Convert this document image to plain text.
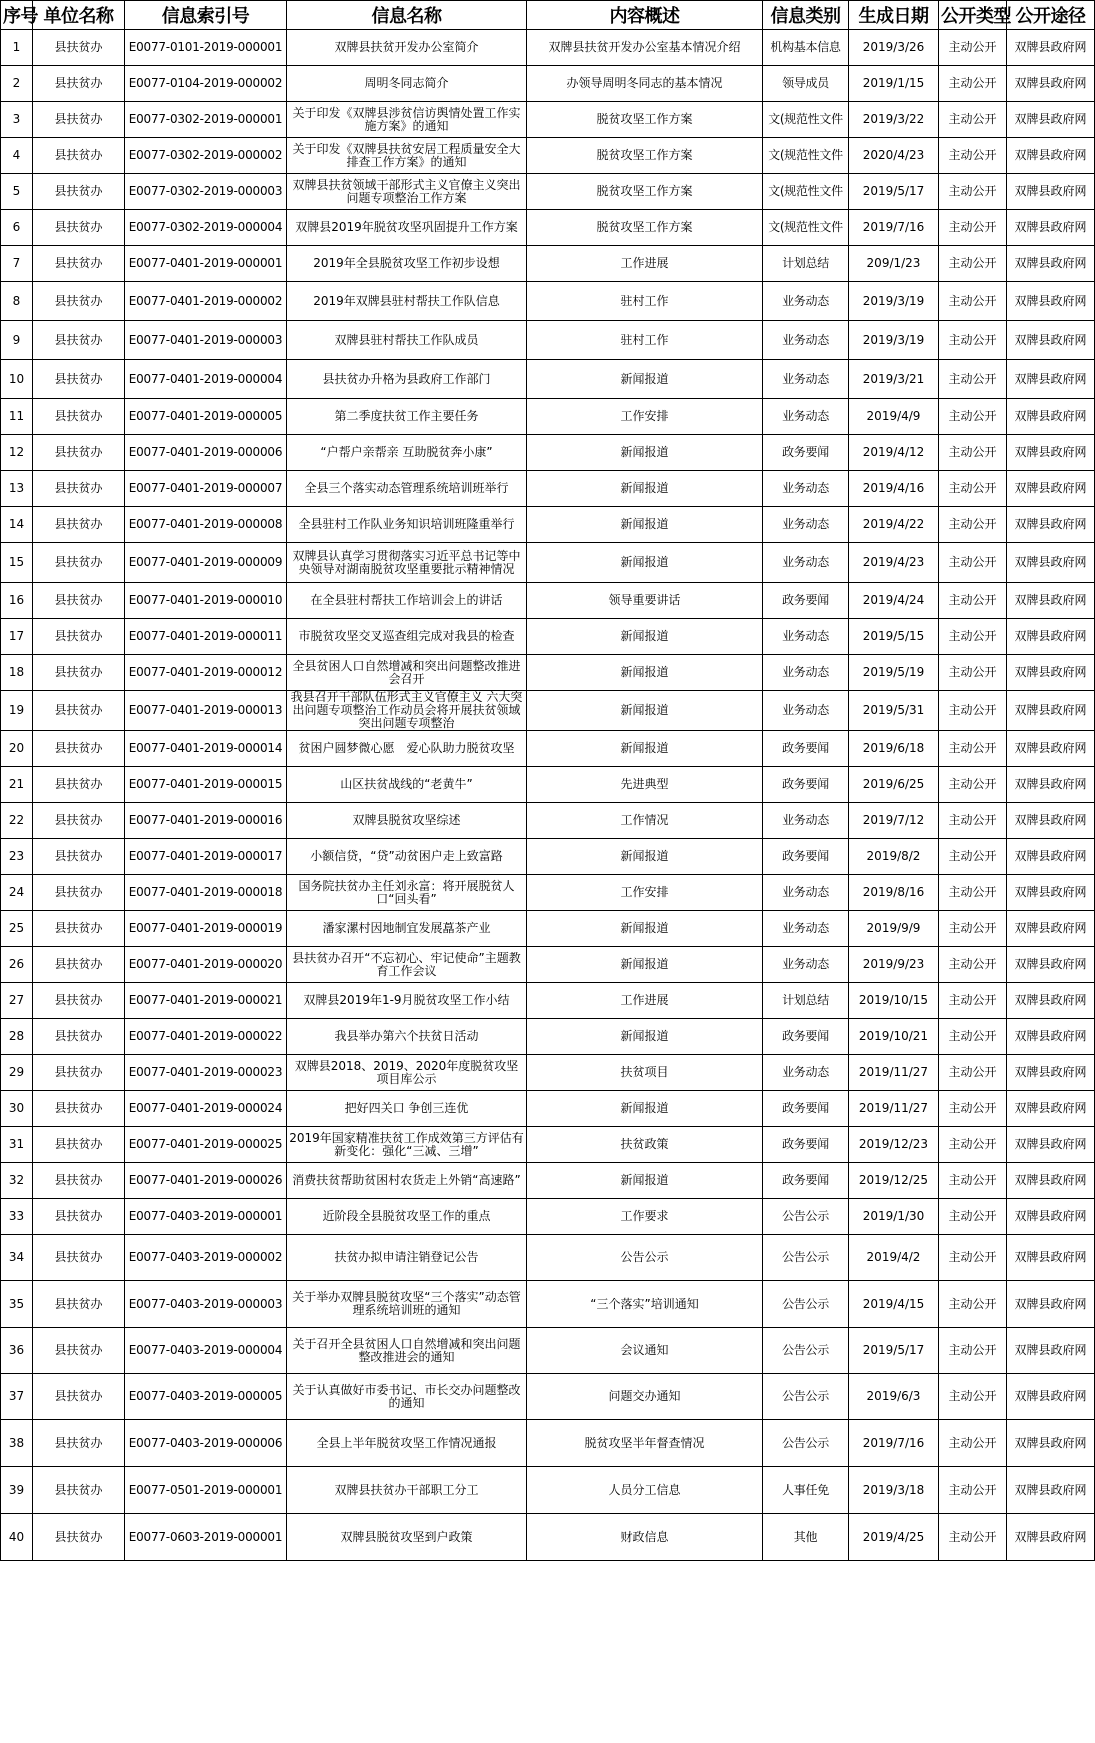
序号	单位名称	信息索引号	信息名称	内容概述	信息类别	生成日期	公开类型	公开途径
1	县扶贫办	E0077-0101-2019-000001	双牌县扶贫开发办公室简介	双牌县扶贫开发办公室基本情况介绍	机构基本信息	2019/3/26	主动公开	双牌县政府网
2	县扶贫办	E0077-0104-2019-000002	周明冬同志简介	办领导周明冬同志的基本情况	领导成员	2019/1/15	主动公开	双牌县政府网
3	县扶贫办	E0077-0302-2019-000001	关于印发《双牌县涉贫信访舆情处置工作实施方案》的通知	脱贫攻坚工作方案	文(规范性文件	2019/3/22	主动公开	双牌县政府网
4	县扶贫办	E0077-0302-2019-000002	关于印发《双牌县扶贫安居工程质量安全大排查工作方案》的通知	脱贫攻坚工作方案	文(规范性文件	2020/4/23	主动公开	双牌县政府网
5	县扶贫办	E0077-0302-2019-000003	双牌县扶贫领域干部形式主义官僚主义突出问题专项整治工作方案	脱贫攻坚工作方案	文(规范性文件	2019/5/17	主动公开	双牌县政府网
6	县扶贫办	E0077-0302-2019-000004	双牌县2019年脱贫攻坚巩固提升工作方案	脱贫攻坚工作方案	文(规范性文件	2019/7/16	主动公开	双牌县政府网
7	县扶贫办	E0077-0401-2019-000001	2019年全县脱贫攻坚工作初步设想	工作进展	计划总结	209/1/23	主动公开	双牌县政府网
8	县扶贫办	E0077-0401-2019-000002	2019年双牌县驻村帮扶工作队信息	驻村工作	业务动态	2019/3/19	主动公开	双牌县政府网
9	县扶贫办	E0077-0401-2019-000003	双牌县驻村帮扶工作队成员	驻村工作	业务动态	2019/3/19	主动公开	双牌县政府网
10	县扶贫办	E0077-0401-2019-000004	县扶贫办升格为县政府工作部门	新闻报道	业务动态	2019/3/21	主动公开	双牌县政府网
11	县扶贫办	E0077-0401-2019-000005	第二季度扶贫工作主要任务	工作安排	业务动态	2019/4/9	主动公开	双牌县政府网
12	县扶贫办	E0077-0401-2019-000006	“户帮户亲帮亲 互助脱贫奔小康”	新闻报道	政务要闻	2019/4/12	主动公开	双牌县政府网
13	县扶贫办	E0077-0401-2019-000007	全县三个落实动态管理系统培训班举行	新闻报道	业务动态	2019/4/16	主动公开	双牌县政府网
14	县扶贫办	E0077-0401-2019-000008	全县驻村工作队业务知识培训班隆重举行	新闻报道	业务动态	2019/4/22	主动公开	双牌县政府网
15	县扶贫办	E0077-0401-2019-000009	双牌县认真学习贯彻落实习近平总书记等中央领导对湖南脱贫攻坚重要批示精神情况	新闻报道	业务动态	2019/4/23	主动公开	双牌县政府网
16	县扶贫办	E0077-0401-2019-000010	在全县驻村帮扶工作培训会上的讲话	领导重要讲话	政务要闻	2019/4/24	主动公开	双牌县政府网
17	县扶贫办	E0077-0401-2019-000011	市脱贫攻坚交叉巡查组完成对我县的检查	新闻报道	业务动态	2019/5/15	主动公开	双牌县政府网
18	县扶贫办	E0077-0401-2019-000012	全县贫困人口自然增减和突出问题整改推进会召开	新闻报道	业务动态	2019/5/19	主动公开	双牌县政府网
19	县扶贫办	E0077-0401-2019-000013	我县召开干部队伍形式主义官僚主义 六大突出问题专项整治工作动员会将开展扶贫领域突出问题专项整治	新闻报道	业务动态	2019/5/31	主动公开	双牌县政府网
20	县扶贫办	E0077-0401-2019-000014	贫困户圆梦微心愿　爱心队助力脱贫攻坚	新闻报道	政务要闻	2019/6/18	主动公开	双牌县政府网
21	县扶贫办	E0077-0401-2019-000015	山区扶贫战线的“老黄牛”	先进典型	政务要闻	2019/6/25	主动公开	双牌县政府网
22	县扶贫办	E0077-0401-2019-000016	双牌县脱贫攻坚综述	工作情况	业务动态	2019/7/12	主动公开	双牌县政府网
23	县扶贫办	E0077-0401-2019-000017	小额信贷，“贷”动贫困户走上致富路	新闻报道	政务要闻	2019/8/2	主动公开	双牌县政府网
24	县扶贫办	E0077-0401-2019-000018	国务院扶贫办主任刘永富：将开展脱贫人口“回头看”	工作安排	业务动态	2019/8/16	主动公开	双牌县政府网
25	县扶贫办	E0077-0401-2019-000019	潘家漯村因地制宜发展藠茶产业	新闻报道	业务动态	2019/9/9	主动公开	双牌县政府网
26	县扶贫办	E0077-0401-2019-000020	县扶贫办召开“不忘初心、牢记使命”主题教育工作会议	新闻报道	业务动态	2019/9/23	主动公开	双牌县政府网
27	县扶贫办	E0077-0401-2019-000021	双牌县2019年1-9月脱贫攻坚工作小结	工作进展	计划总结	2019/10/15	主动公开	双牌县政府网
28	县扶贫办	E0077-0401-2019-000022	我县举办第六个扶贫日活动	新闻报道	政务要闻	2019/10/21	主动公开	双牌县政府网
29	县扶贫办	E0077-0401-2019-000023	双牌县2018、2019、2020年度脱贫攻坚项目库公示	扶贫项目	业务动态	2019/11/27	主动公开	双牌县政府网
30	县扶贫办	E0077-0401-2019-000024	把好四关口 争创三连优	新闻报道	政务要闻	2019/11/27	主动公开	双牌县政府网
31	县扶贫办	E0077-0401-2019-000025	2019年国家精准扶贫工作成效第三方评估有新变化：强化“三减、三增”	扶贫政策	政务要闻	2019/12/23	主动公开	双牌县政府网
32	县扶贫办	E0077-0401-2019-000026	消费扶贫帮助贫困村农货走上外销“高速路”	新闻报道	政务要闻	2019/12/25	主动公开	双牌县政府网
33	县扶贫办	E0077-0403-2019-000001	近阶段全县脱贫攻坚工作的重点	工作要求	公告公示	2019/1/30	主动公开	双牌县政府网
34	县扶贫办	E0077-0403-2019-000002	扶贫办拟申请注销登记公告	公告公示	公告公示	2019/4/2	主动公开	双牌县政府网
35	县扶贫办	E0077-0403-2019-000003	关于举办双牌县脱贫攻坚“三个落实”动态管理系统培训班的通知	“三个落实”培训通知	公告公示	2019/4/15	主动公开	双牌县政府网
36	县扶贫办	E0077-0403-2019-000004	关于召开全县贫困人口自然增减和突出问题整改推进会的通知	会议通知	公告公示	2019/5/17	主动公开	双牌县政府网
37	县扶贫办	E0077-0403-2019-000005	关于认真做好市委书记、市长交办问题整改的通知	问题交办通知	公告公示	2019/6/3	主动公开	双牌县政府网
38	县扶贫办	E0077-0403-2019-000006	全县上半年脱贫攻坚工作情况通报	脱贫攻坚半年督查情况	公告公示	2019/7/16	主动公开	双牌县政府网
39	县扶贫办	E0077-0501-2019-000001	双牌县扶贫办干部职工分工	人员分工信息	人事任免	2019/3/18	主动公开	双牌县政府网
40	县扶贫办	E0077-0603-2019-000001	双牌县脱贫攻坚到户政策	财政信息	其他	2019/4/25	主动公开	双牌县政府网
